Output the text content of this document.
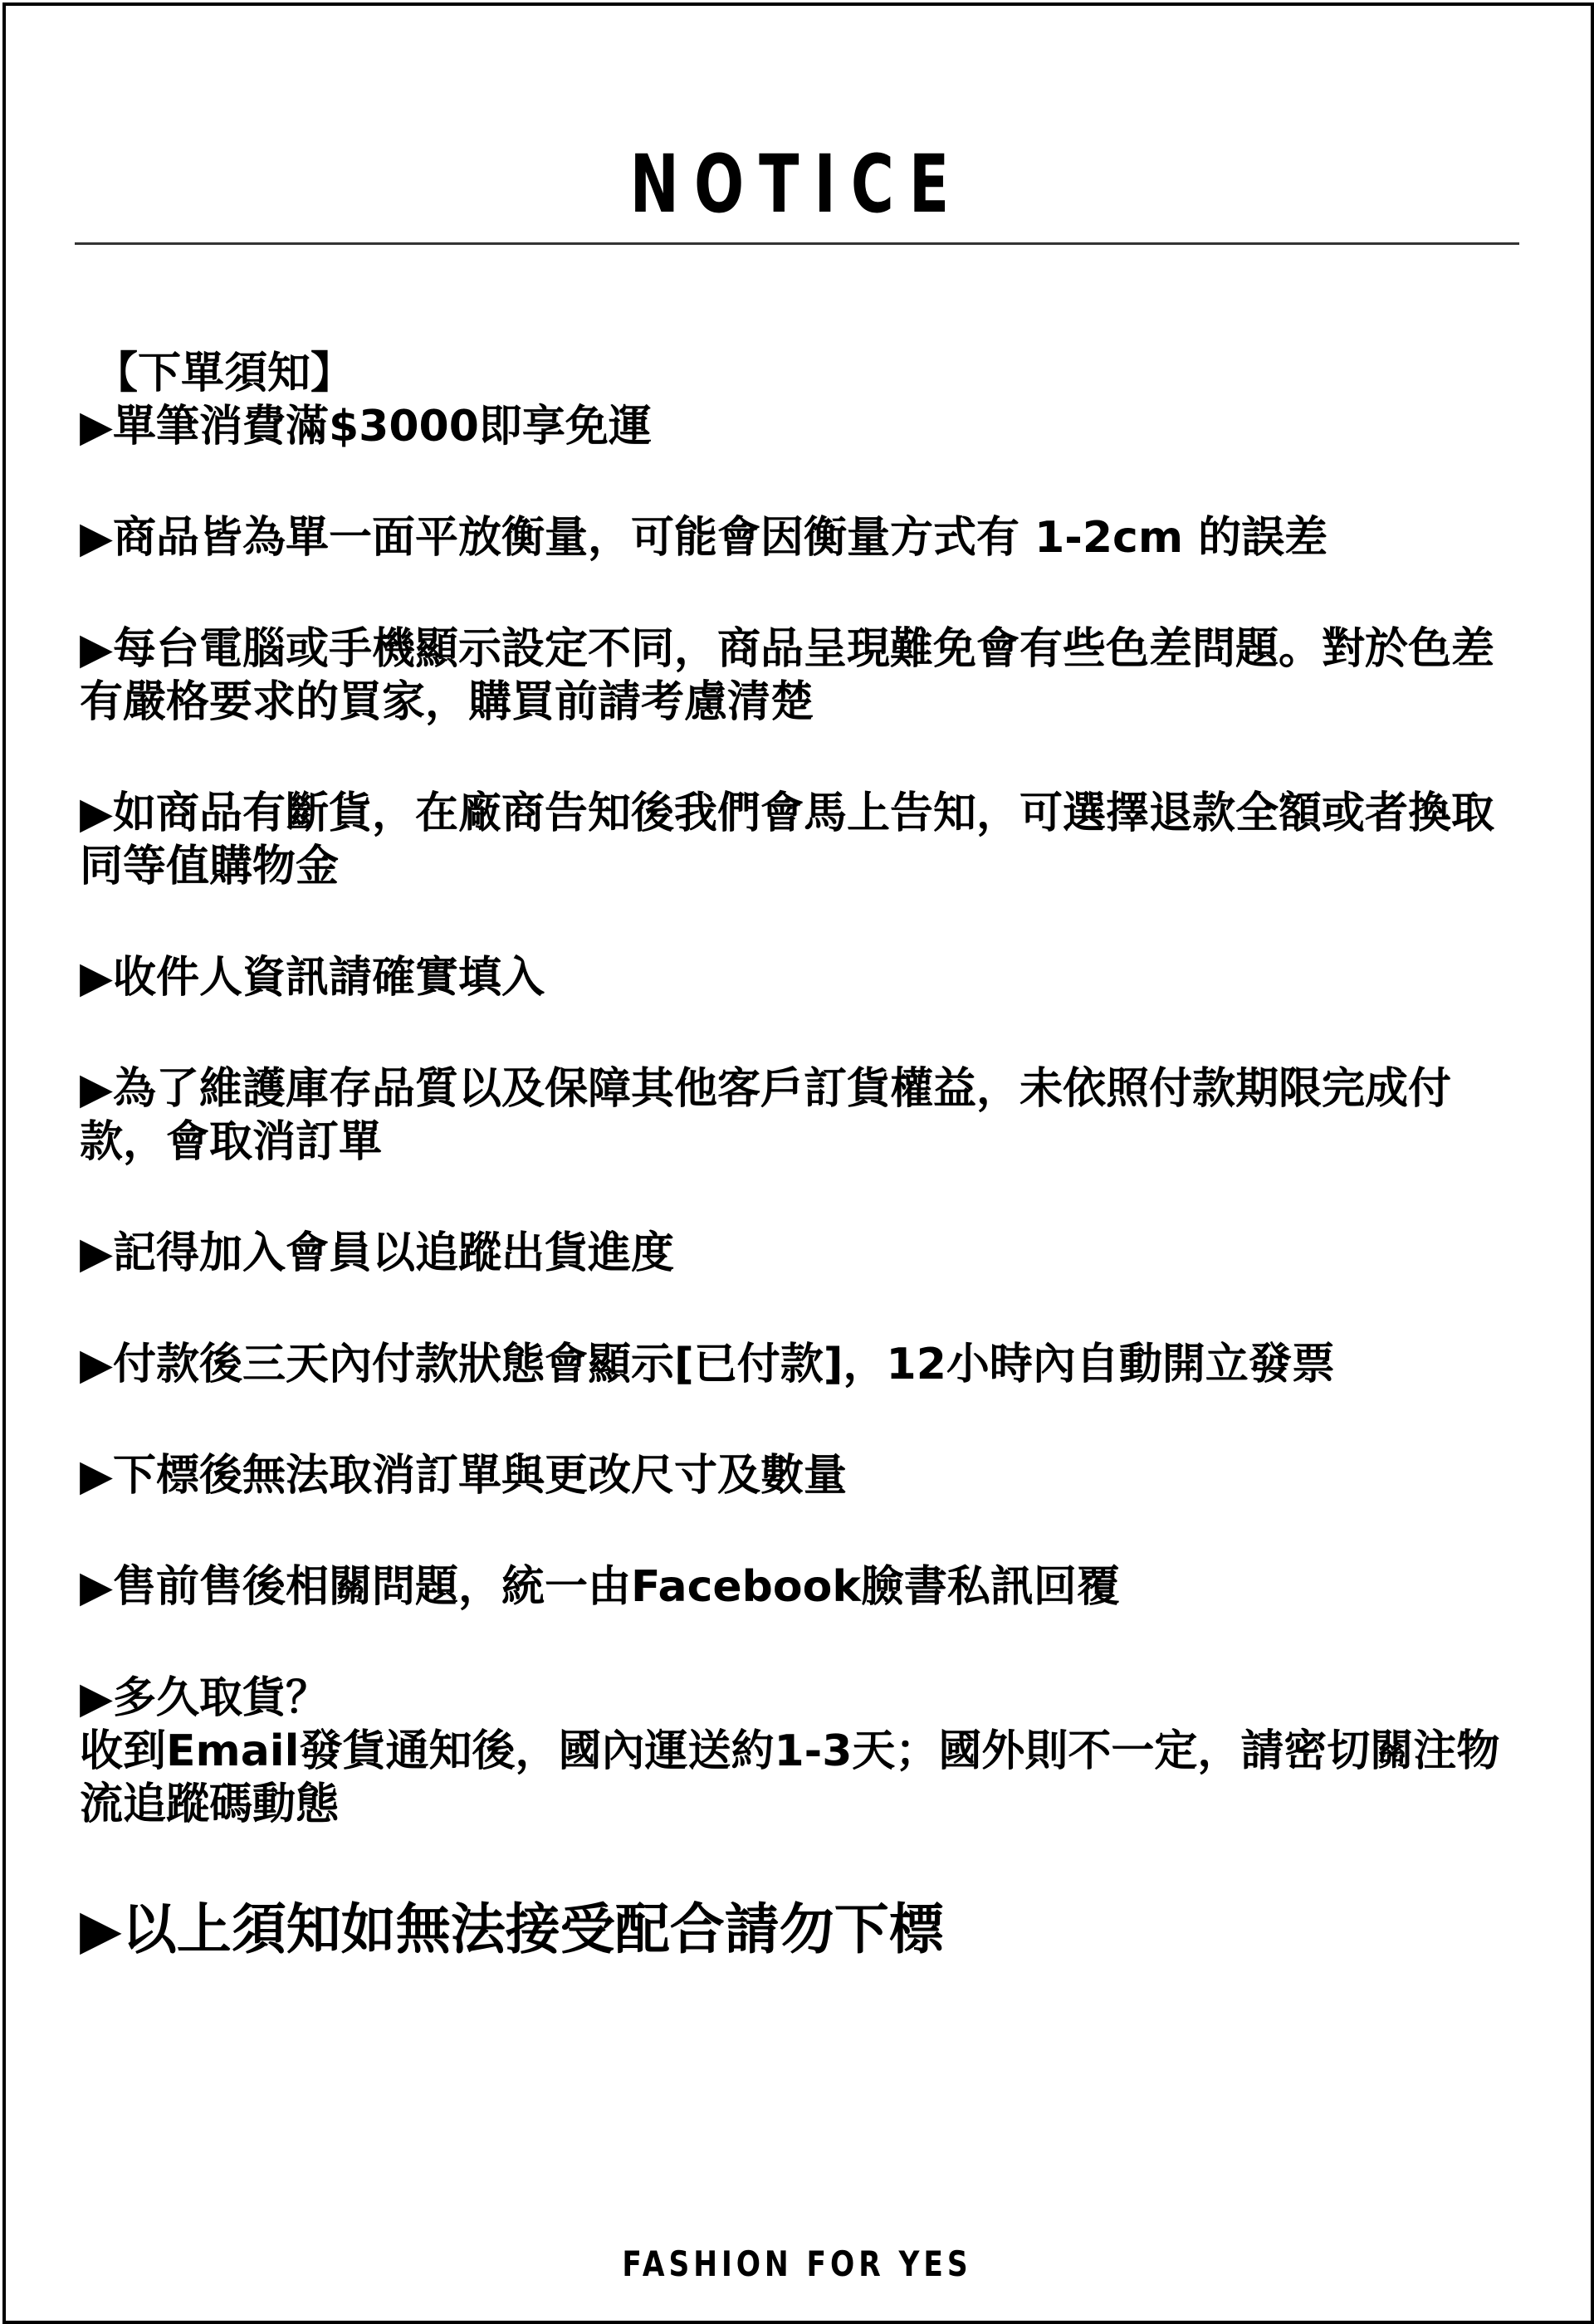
NOTICE

【下單須知】

▶單筆消費滿$3000即享免運

▶商品皆為單一面平放衡量，可能會因衡量方式有 1-2cm 的誤差

▶每台電腦或手機顯示設定不同，商品呈現難免會有些色差問題。對於色差有嚴格要求的買家，購買前請考慮清楚

▶如商品有斷貨，在廠商告知後我們會馬上告知，可選擇退款全額或者換取同等值購物金

▶收件人資訊請確實填入

▶為了維護庫存品質以及保障其他客戶訂貨權益，未依照付款期限完成付款，會取消訂單

▶記得加入會員以追蹤出貨進度

▶付款後三天內付款狀態會顯示[已付款]，12小時內自動開立發票

▶下標後無法取消訂單與更改尺寸及數量

▶售前售後相關問題，統一由Facebook臉書私訊回覆

▶多久取貨？

收到Email發貨通知後，國內運送約1-3天；國外則不一定，請密切關注物流追蹤碼動態

▶以上須知如無法接受配合請勿下標

FASHION FOR YES
